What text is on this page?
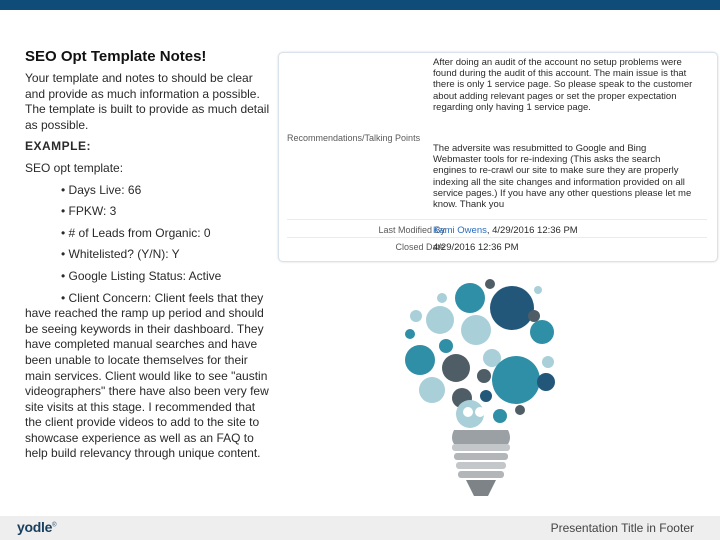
SEO Opt Template Notes!

Your template and notes to should be clear and provide as much information a possible. The template is built to provide as much detail as possible.

EXAMPLE:

SEO opt template:

• Days Live: 66

• FPKW: 3

• # of Leads from Organic: 0

• Whitelisted? (Y/N): Y

• Google Listing Status: Active

• Client Concern: Client feels that they have reached the ramp up period and should be seeing keywords in their dashboard. They have completed manual searches and have been unable to locate themselves for their main services. Client would like to see "austin videographers" there have also been very few site visits at this stage. I recommended that the client provide videos to add to the site to showcase experience as well as an FAQ to help build relevancy through unique content.

After doing an audit of the account no setup problems were found during the audit of this account. The main issue is that there is only 1 service page. So please speak to the customer about adding relevant pages or set the proper expectation regarding only having 1 service page.
Recommendations/Talking Points
The adversite was resubmitted to Google and Bing Webmaster tools for re-indexing (This asks the search engines to re-crawl our site to make sure they are properly indexing all the site changes and information provided on all service pages.) If you have any other questions please let me know. Thank you
Last Modified By
Kami Owens, 4/29/2016 12:36 PM
Closed Date
4/29/2016 12:36 PM
yodle®	Presentation Title in Footer
